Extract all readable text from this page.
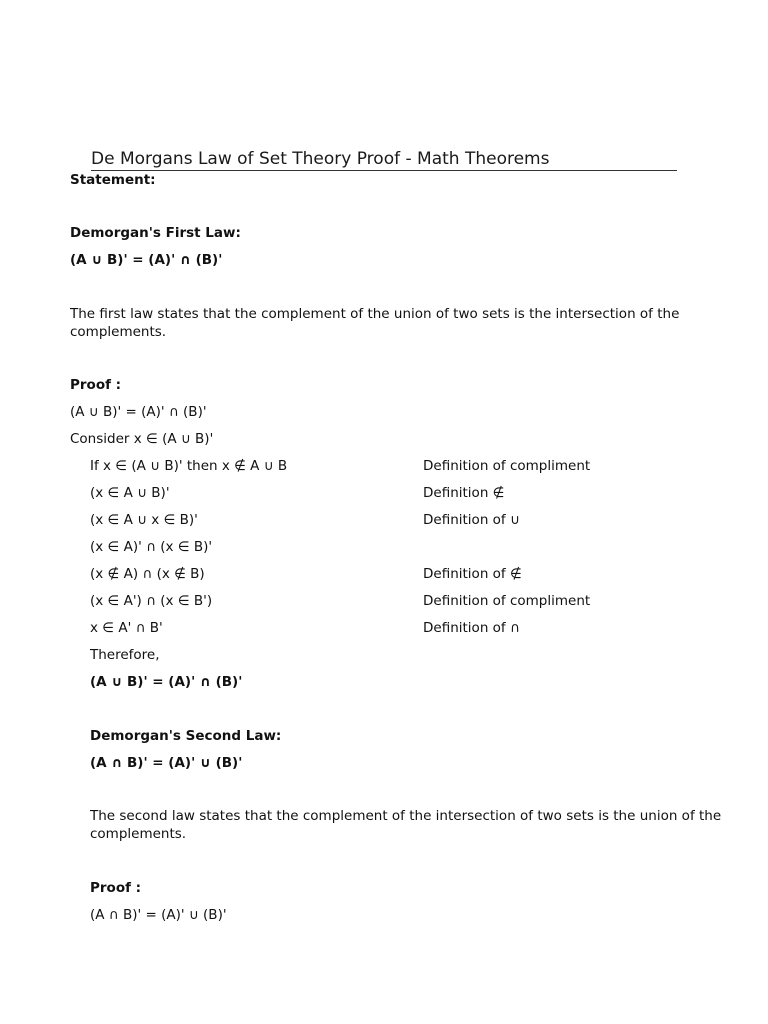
De Morgans Law of Set Theory Proof - Math Theorems
Statement:
Demorgan's First Law:
(A ∪ B)' = (A)' ∩ (B)'
The first law states that the complement of the union of two sets is the intersection of the complements.
Proof :
(A ∪ B)' = (A)' ∩ (B)'
Consider x ∈ (A ∪ B)'
If x ∈ (A ∪ B)' then x ∉ A ∪ B	Definition of compliment
(x ∈ A ∪ B)'	Definition ∉
(x ∈ A ∪ x ∈ B)'	Definition of ∪
(x ∈ A)' ∩ (x ∈ B)'
(x ∉ A) ∩ (x ∉ B)	Definition of ∉
(x ∈ A') ∩ (x ∈ B')	Definition of compliment
x ∈ A' ∩ B'	Definition of ∩
Therefore,
(A ∪ B)' = (A)' ∩ (B)'
Demorgan's Second Law:
(A ∩ B)' = (A)' ∪ (B)'
The second law states that the complement of the intersection of two sets is the union of the complements.
Proof :
(A ∩ B)' = (A)' ∪ (B)'
